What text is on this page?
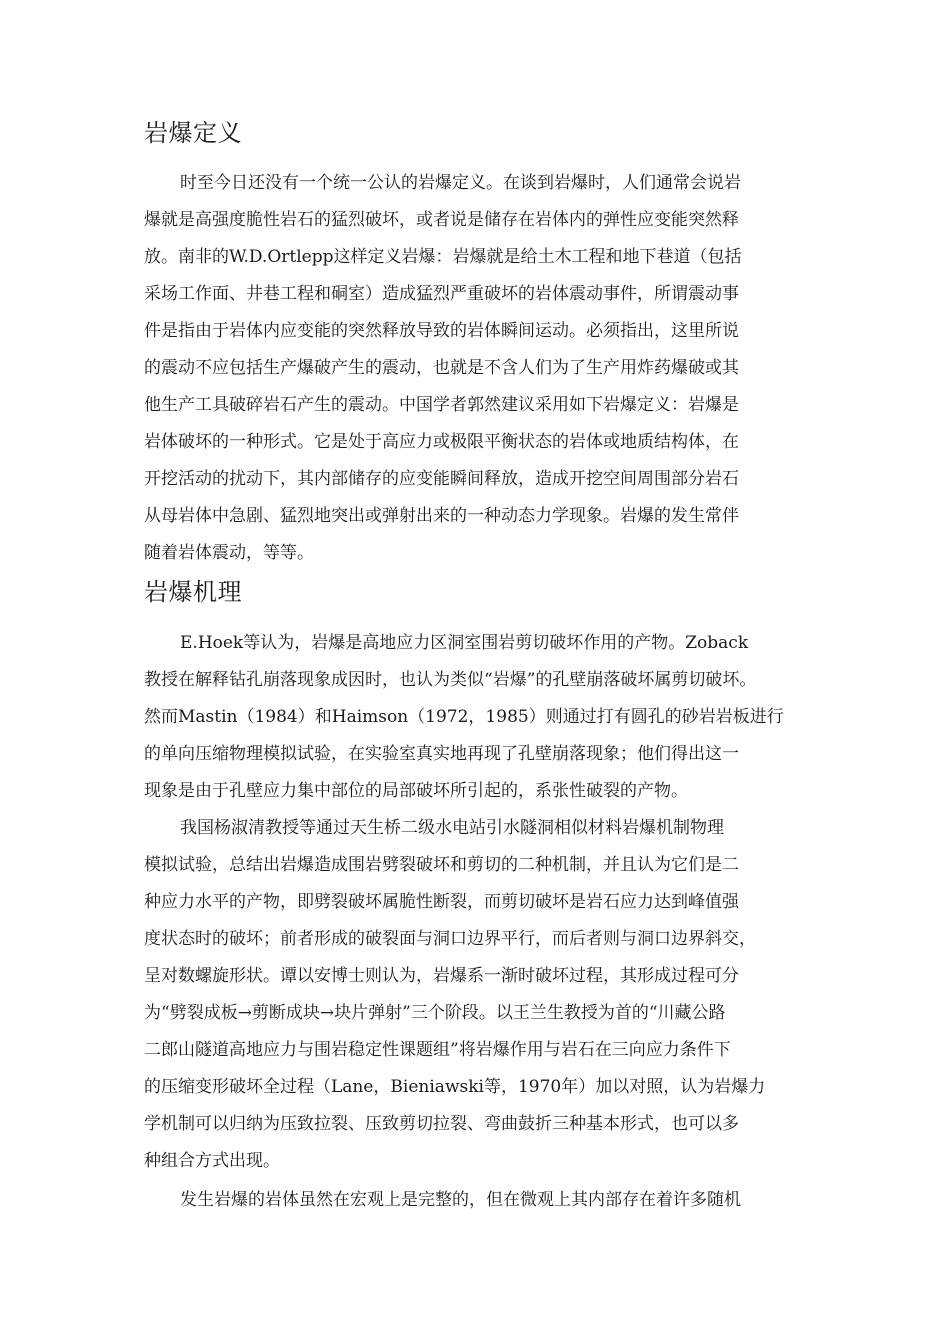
岩爆定义
时至今日还没有一个统一公认的岩爆定义。在谈到岩爆时，人们通常会说岩
爆就是高强度脆性岩石的猛烈破坏，或者说是储存在岩体内的弹性应变能突然释
放。南非的W.D.Ortlepp这样定义岩爆：岩爆就是给土木工程和地下巷道（包括
采场工作面、井巷工程和硐室）造成猛烈严重破坏的岩体震动事件，所谓震动事
件是指由于岩体内应变能的突然释放导致的岩体瞬间运动。必须指出，这里所说
的震动不应包括生产爆破产生的震动，也就是不含人们为了生产用炸药爆破或其
他生产工具破碎岩石产生的震动。中国学者郭然建议采用如下岩爆定义：岩爆是
岩体破坏的一种形式。它是处于高应力或极限平衡状态的岩体或地质结构体，在
开挖活动的扰动下，其内部储存的应变能瞬间释放，造成开挖空间周围部分岩石
从母岩体中急剧、猛烈地突出或弹射出来的一种动态力学现象。岩爆的发生常伴
随着岩体震动，等等。
岩爆机理
E.Hoek等认为，岩爆是高地应力区洞室围岩剪切破坏作用的产物。Zoback
教授在解释钻孔崩落现象成因时，也认为类似“岩爆”的孔壁崩落破坏属剪切破坏。
然而Mastin（1984）和Haimson（1972，1985）则通过打有圆孔的砂岩岩板进行
的单向压缩物理模拟试验，在实验室真实地再现了孔壁崩落现象；他们得出这一
现象是由于孔壁应力集中部位的局部破坏所引起的，系张性破裂的产物。
我国杨淑清教授等通过天生桥二级水电站引水隧洞相似材料岩爆机制物理
模拟试验，总结出岩爆造成围岩劈裂破坏和剪切的二种机制，并且认为它们是二
种应力水平的产物，即劈裂破坏属脆性断裂，而剪切破坏是岩石应力达到峰值强
度状态时的破坏；前者形成的破裂面与洞口边界平行，而后者则与洞口边界斜交，
呈对数螺旋形状。谭以安博士则认为，岩爆系一渐时破坏过程，其形成过程可分
为“劈裂成板→剪断成块→块片弹射”三个阶段。以王兰生教授为首的“川藏公路
二郎山隧道高地应力与围岩稳定性课题组”将岩爆作用与岩石在三向应力条件下
的压缩变形破坏全过程（Lane，Bieniawski等，1970年）加以对照，认为岩爆力
学机制可以归纳为压致拉裂、压致剪切拉裂、弯曲鼓折三种基本形式，也可以多
种组合方式出现。
发生岩爆的岩体虽然在宏观上是完整的，但在微观上其内部存在着许多随机
